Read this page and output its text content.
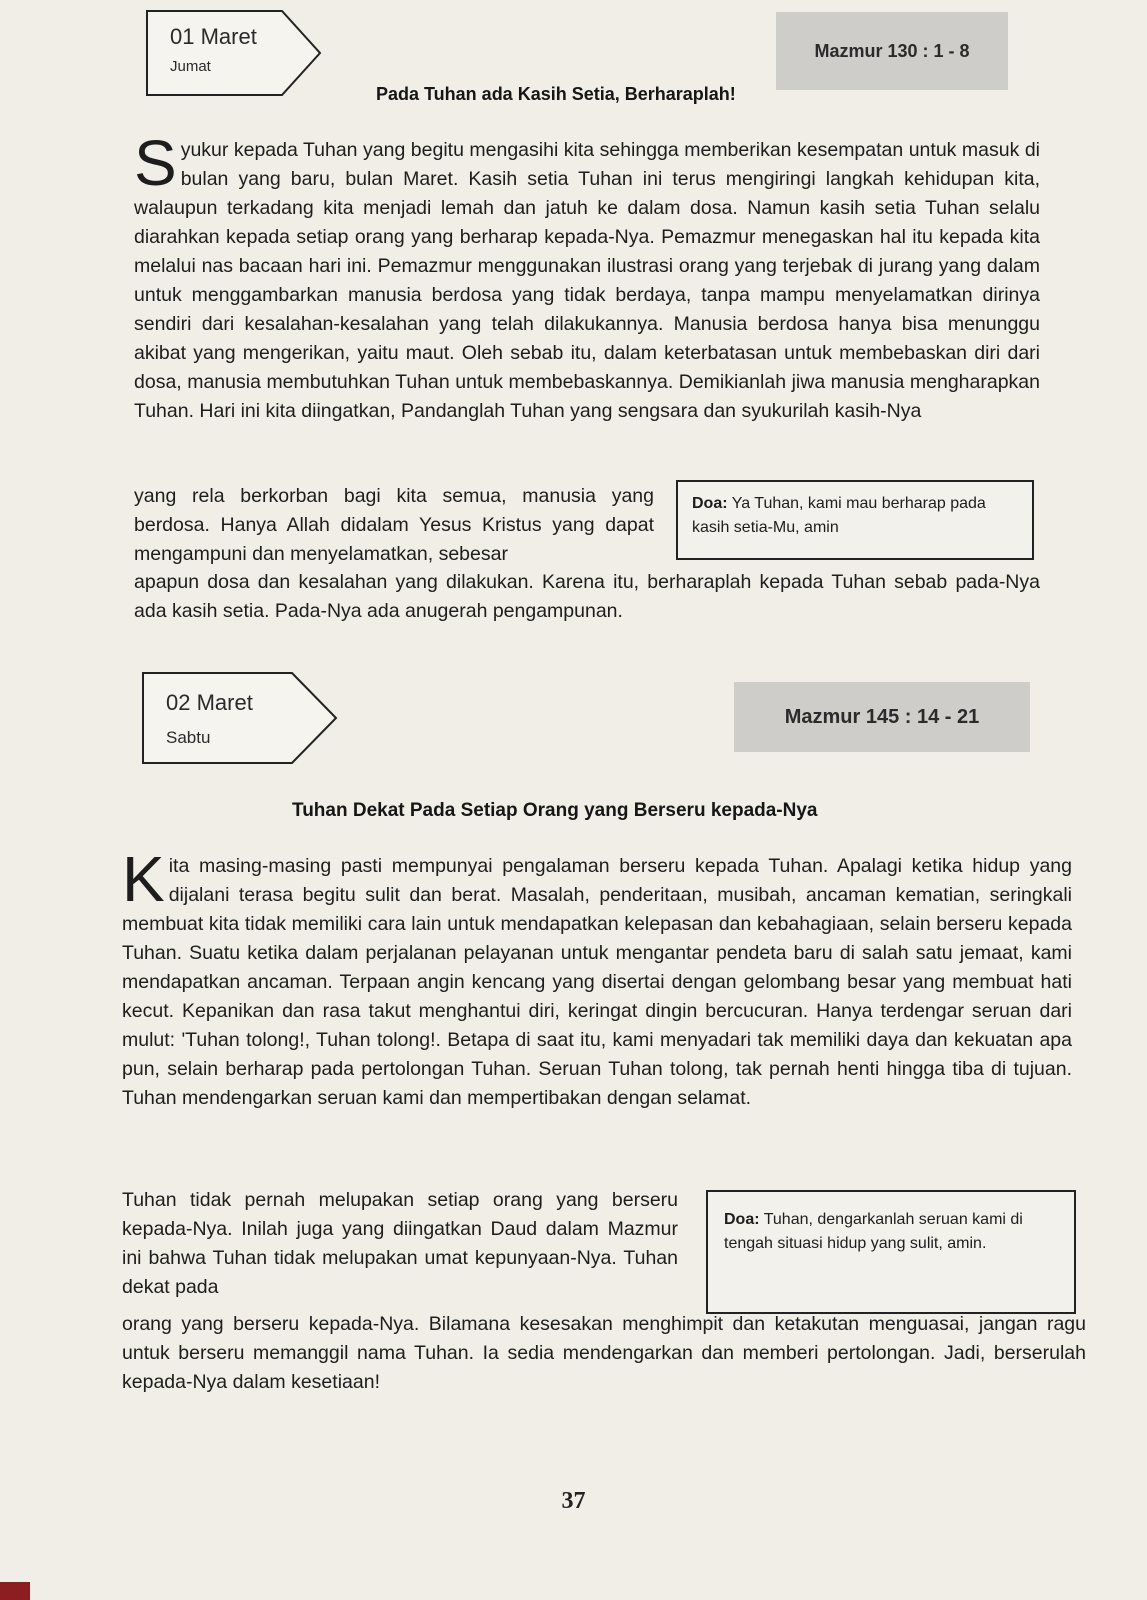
01 Maret
Jumat
Mazmur 130 : 1 - 8
Pada Tuhan ada Kasih Setia, Berharaplah!

Syukur kepada Tuhan yang begitu mengasihi kita sehingga memberikan kesempatan untuk masuk di bulan yang baru, bulan Maret. Kasih setia Tuhan ini terus mengiringi langkah kehidupan kita, walaupun terkadang kita menjadi lemah dan jatuh ke dalam dosa. Namun kasih setia Tuhan selalu diarahkan kepada setiap orang yang berharap kepada-Nya. Pemazmur menegaskan hal itu kepada kita melalui nas bacaan hari ini. Pemazmur menggunakan ilustrasi orang yang terjebak di jurang yang dalam untuk menggambarkan manusia berdosa yang tidak berdaya, tanpa mampu menyelamatkan dirinya sendiri dari kesalahan-kesalahan yang telah dilakukannya. Manusia berdosa hanya bisa menunggu akibat yang mengerikan, yaitu maut. Oleh sebab itu, dalam keterbatasan untuk membebaskan diri dari dosa, manusia membutuhkan Tuhan untuk membebaskannya. Demikianlah jiwa manusia mengharapkan Tuhan. Hari ini kita diingatkan, Pandanglah Tuhan yang sengsara dan syukurilah kasih-Nya

yang rela berkorban bagi kita semua, manusia yang berdosa. Hanya Allah didalam Yesus Kristus yang dapat mengampuni dan menyelamatkan, sebesar
Doa: Ya Tuhan, kami mau berharap pada kasih setia-Mu, amin
apapun dosa dan kesalahan yang dilakukan. Karena itu, berharaplah kepada Tuhan sebab pada-Nya ada kasih setia. Pada-Nya ada anugerah pengampunan.
02 Maret
Sabtu
Mazmur 145 : 14 - 21
Tuhan Dekat Pada Setiap Orang yang Berseru kepada-Nya

Kita masing-masing pasti mempunyai pengalaman berseru kepada Tuhan. Apalagi ketika hidup yang dijalani terasa begitu sulit dan berat. Masalah, penderitaan, musibah, ancaman kematian, seringkali membuat kita tidak memiliki cara lain untuk mendapatkan kelepasan dan kebahagiaan, selain berseru kepada Tuhan. Suatu ketika dalam perjalanan pelayanan untuk mengantar pendeta baru di salah satu jemaat, kami mendapatkan ancaman. Terpaan angin kencang yang disertai dengan gelombang besar yang membuat hati kecut. Kepanikan dan rasa takut menghantui diri, keringat dingin bercucuran. Hanya terdengar seruan dari mulut: 'Tuhan tolong!, Tuhan tolong!. Betapa di saat itu, kami menyadari tak memiliki daya dan kekuatan apa pun, selain berharap pada pertolongan Tuhan. Seruan Tuhan tolong, tak pernah henti hingga tiba di tujuan. Tuhan mendengarkan seruan kami dan mempertibakan dengan selamat.

Tuhan tidak pernah melupakan setiap orang yang berseru kepada-Nya. Inilah juga yang diingatkan Daud dalam Mazmur ini bahwa Tuhan tidak melupakan umat kepunyaan-Nya. Tuhan dekat pada
Doa: Tuhan, dengarkanlah seruan kami di tengah situasi hidup yang sulit, amin.
orang yang berseru kepada-Nya. Bilamana kesesakan menghimpit dan ketakutan menguasai, jangan ragu untuk berseru memanggil nama Tuhan. Ia sedia mendengarkan dan memberi pertolongan. Jadi, berserulah kepada-Nya dalam kesetiaan!
37
